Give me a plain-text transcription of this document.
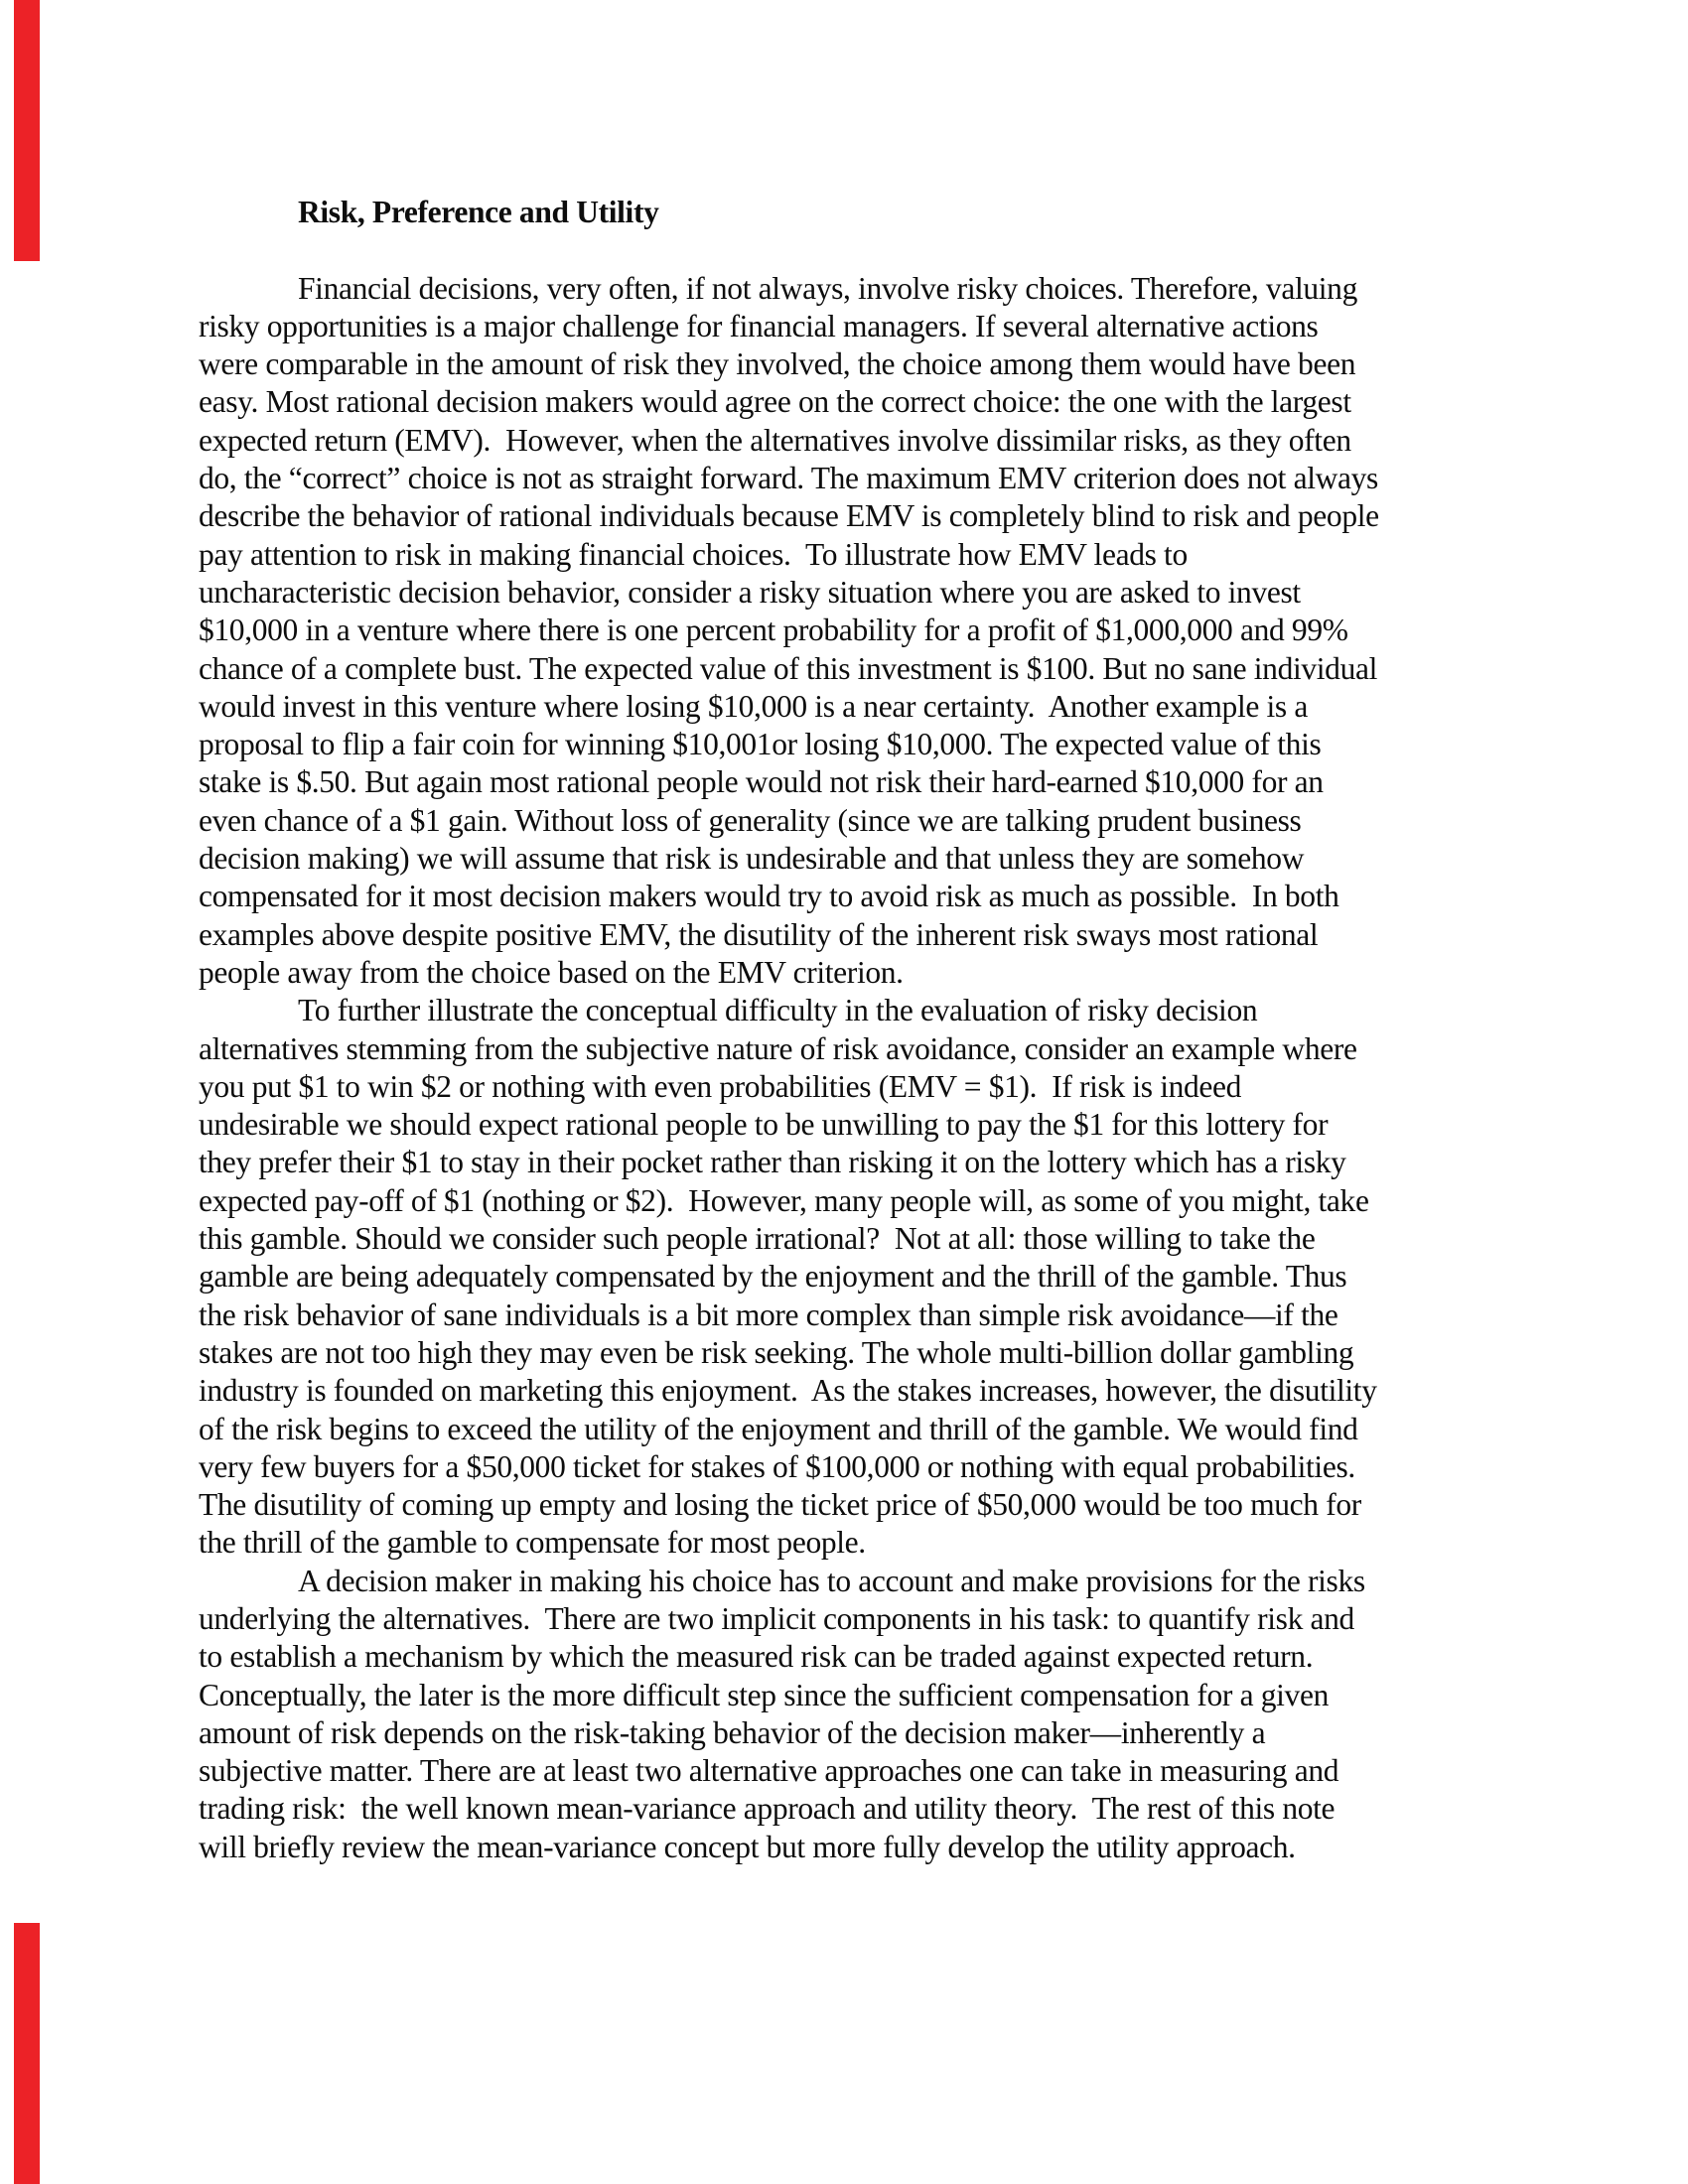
Risk, Preference and Utility
Financial decisions, very often, if not always, involve risky choices. Therefore, valuing
risky opportunities is a major challenge for financial managers. If several alternative actions
were comparable in the amount of risk they involved, the choice among them would have been
easy. Most rational decision makers would agree on the correct choice: the one with the largest
expected return (EMV).  However, when the alternatives involve dissimilar risks, as they often
do, the “correct” choice is not as straight forward. The maximum EMV criterion does not always
describe the behavior of rational individuals because EMV is completely blind to risk and people
pay attention to risk in making financial choices.  To illustrate how EMV leads to
uncharacteristic decision behavior, consider a risky situation where you are asked to invest
$10,000 in a venture where there is one percent probability for a profit of $1,000,000 and 99%
chance of a complete bust. The expected value of this investment is $100. But no sane individual
would invest in this venture where losing $10,000 is a near certainty.  Another example is a
proposal to flip a fair coin for winning $10,001or losing $10,000. The expected value of this
stake is $.50. But again most rational people would not risk their hard-earned $10,000 for an
even chance of a $1 gain. Without loss of generality (since we are talking prudent business
decision making) we will assume that risk is undesirable and that unless they are somehow
compensated for it most decision makers would try to avoid risk as much as possible.  In both
examples above despite positive EMV, the disutility of the inherent risk sways most rational
people away from the choice based on the EMV criterion.
To further illustrate the conceptual difficulty in the evaluation of risky decision
alternatives stemming from the subjective nature of risk avoidance, consider an example where
you put $1 to win $2 or nothing with even probabilities (EMV = $1).  If risk is indeed
undesirable we should expect rational people to be unwilling to pay the $1 for this lottery for
they prefer their $1 to stay in their pocket rather than risking it on the lottery which has a risky
expected pay-off of $1 (nothing or $2).  However, many people will, as some of you might, take
this gamble. Should we consider such people irrational?  Not at all: those willing to take the
gamble are being adequately compensated by the enjoyment and the thrill of the gamble. Thus
the risk behavior of sane individuals is a bit more complex than simple risk avoidance—if the
stakes are not too high they may even be risk seeking. The whole multi-billion dollar gambling
industry is founded on marketing this enjoyment.  As the stakes increases, however, the disutility
of the risk begins to exceed the utility of the enjoyment and thrill of the gamble. We would find
very few buyers for a $50,000 ticket for stakes of $100,000 or nothing with equal probabilities.
The disutility of coming up empty and losing the ticket price of $50,000 would be too much for
the thrill of the gamble to compensate for most people.
A decision maker in making his choice has to account and make provisions for the risks
underlying the alternatives.  There are two implicit components in his task: to quantify risk and
to establish a mechanism by which the measured risk can be traded against expected return.
Conceptually, the later is the more difficult step since the sufficient compensation for a given
amount of risk depends on the risk-taking behavior of the decision maker—inherently a
subjective matter. There are at least two alternative approaches one can take in measuring and
trading risk:  the well known mean-variance approach and utility theory.  The rest of this note
will briefly review the mean-variance concept but more fully develop the utility approach.
